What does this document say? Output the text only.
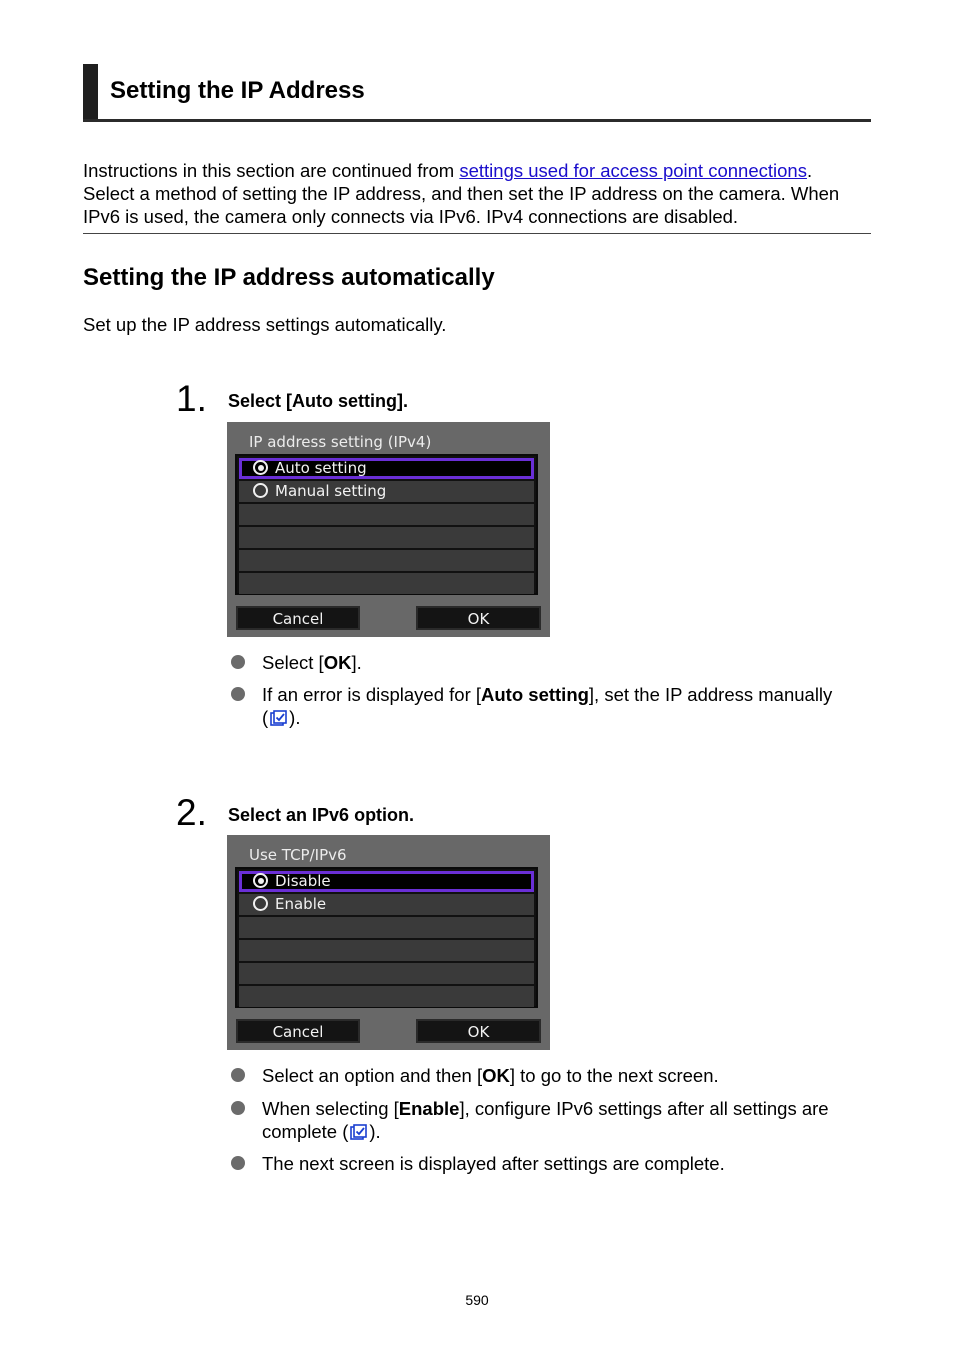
Setting the IP Address
Instructions in this section are continued from settings used for access point connections.
Select a method of setting the IP address, and then set the IP address on the camera. When
IPv6 is used, the camera only connects via IPv6. IPv4 connections are disabled.
Setting the IP address automatically
Set up the IP address settings automatically.
1. Select [Auto setting].
IP address setting (IPv4)
Auto setting
Manual setting
Cancel	OK
Select [OK].
If an error is displayed for [Auto setting], set the IP address manually
( ).
2. Select an IPv6 option.
Use TCP/IPv6
Disable
Enable
Cancel	OK
Select an option and then [OK] to go to the next screen.
When selecting [Enable], configure IPv6 settings after all settings are
complete ( ).
The next screen is displayed after settings are complete.
590
